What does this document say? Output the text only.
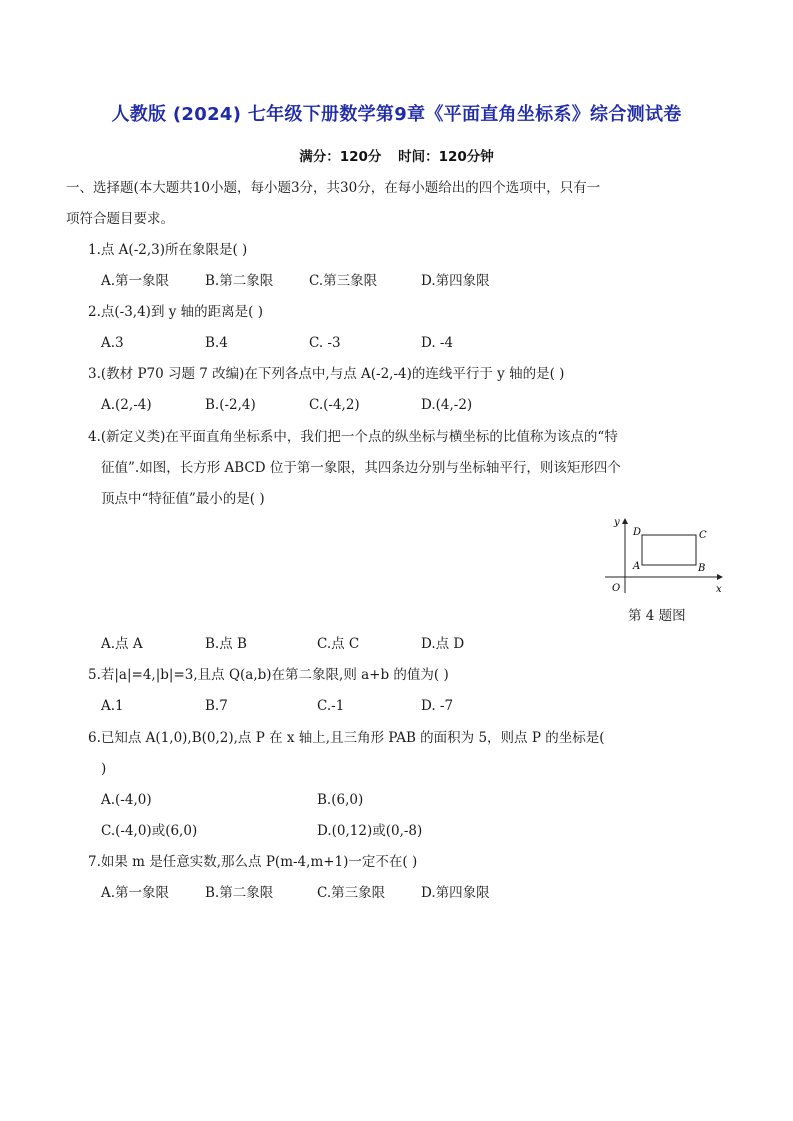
人教版 (2024) 七年级下册数学第9章《平面直角坐标系》综合测试卷
满分：120分 时间：120分钟
一、选择题(本大题共10小题，每小题3分，共30分，在每小题给出的四个选项中，只有一
项符合题目要求。
1.点 A(-2,3)所在象限是( )
A.第一象限	B.第二象限	C.第三象限	D.第四象限
2.点(-3,4)到 y 轴的距离是( )
A.3	B.4	C. -3	D. -4
3.(教材 P70 习题 7 改编)在下列各点中,与点 A(-2,-4)的连线平行于 y 轴的是( )
A.(2,-4)	B.(-2,4)	C.(-4,2)	D.(4,-2)
4.(新定义类)在平面直角坐标系中，我们把一个点的纵坐标与横坐标的比值称为该点的“特
征值”.如图，长方形 ABCD 位于第一象限，其四条边分别与坐标轴平行，则该矩形四个
顶点中“特征值”最小的是( )
y
x
O
A	B
C
D
第 4 题图
A.点 A	B.点 B	C.点 C	D.点 D
5.若|a|=4,|b|=3,且点 Q(a,b)在第二象限,则 a+b 的值为( )
A.1	B.7	C.-1	D. -7
6.已知点 A(1,0),B(0,2),点 P 在 x 轴上,且三角形 PAB 的面积为 5，则点 P 的坐标是(
)
A.(-4,0)	B.(6,0)
C.(-4,0)或(6,0)	D.(0,12)或(0,-8)
7.如果 m 是任意实数,那么点 P(m-4,m+1)一定不在( )
A.第一象限	B.第二象限	C.第三象限	D.第四象限
